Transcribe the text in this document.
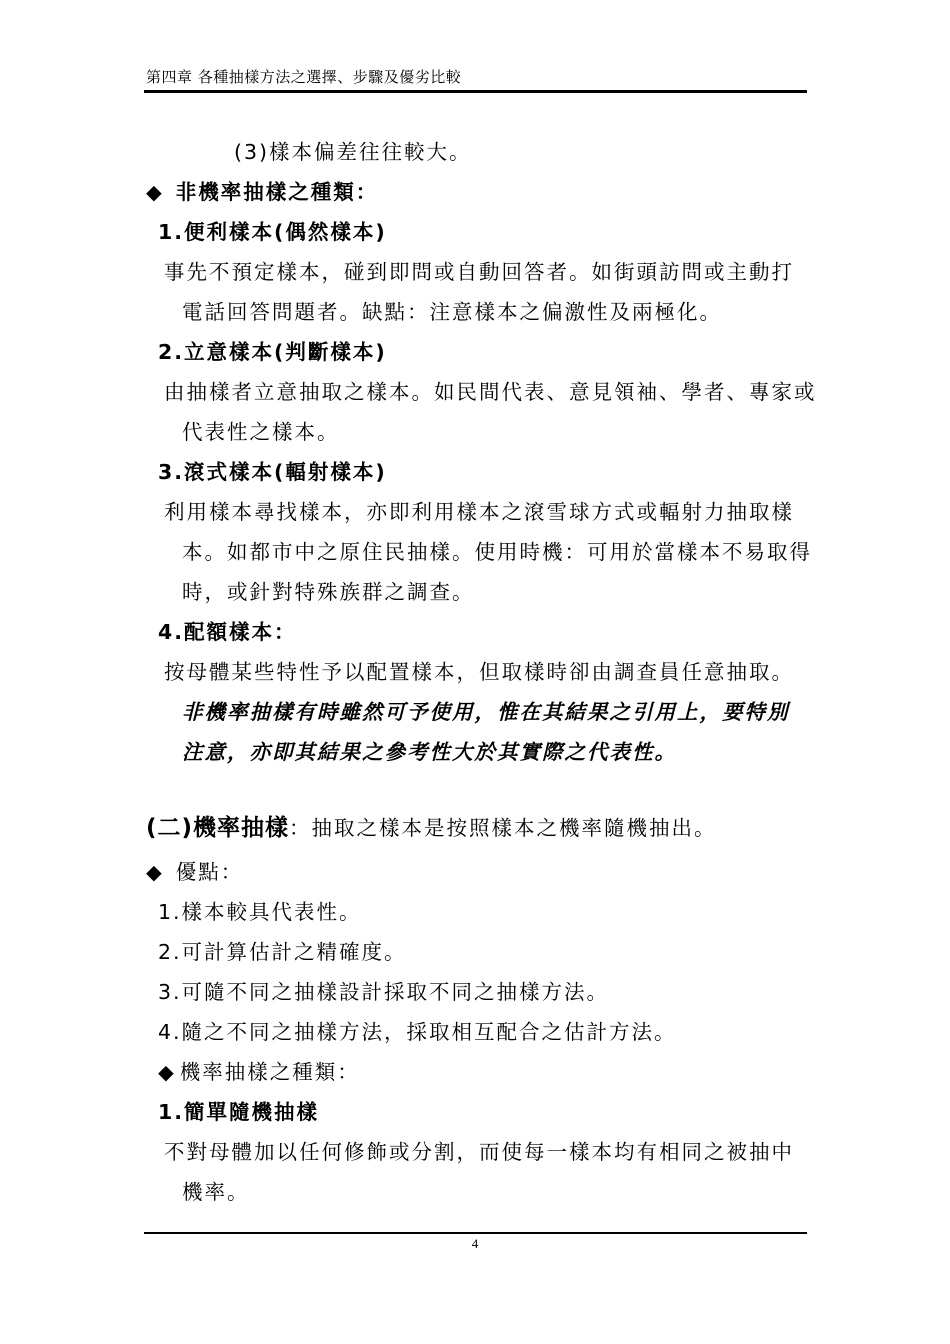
第四章 各種抽樣方法之選擇、步驟及優劣比較
(3)樣本偏差往往較大。
◆ 非機率抽樣之種類：
1.便利樣本(偶然樣本)
事先不預定樣本，碰到即問或自動回答者。如街頭訪問或主動打
電話回答問題者。缺點：注意樣本之偏激性及兩極化。
2.立意樣本(判斷樣本)
由抽樣者立意抽取之樣本。如民間代表、意見領袖、學者、專家或
代表性之樣本。
3.滾式樣本(輻射樣本)
利用樣本尋找樣本，亦即利用樣本之滾雪球方式或輻射力抽取樣
本。如都市中之原住民抽樣。使用時機：可用於當樣本不易取得
時，或針對特殊族群之調查。
4.配額樣本：
按母體某些特性予以配置樣本，但取樣時卻由調查員任意抽取。
非機率抽樣有時雖然可予使用，惟在其結果之引用上，要特別
注意，亦即其結果之參考性大於其實際之代表性。
(二)機率抽樣：抽取之樣本是按照樣本之機率隨機抽出。
◆ 優點：
1.樣本較具代表性。
2.可計算估計之精確度。
3.可隨不同之抽樣設計採取不同之抽樣方法。
4.隨之不同之抽樣方法，採取相互配合之估計方法。
◆ 機率抽樣之種類：
1.簡單隨機抽樣
不對母體加以任何修飾或分割，而使每一樣本均有相同之被抽中
機率。
4
